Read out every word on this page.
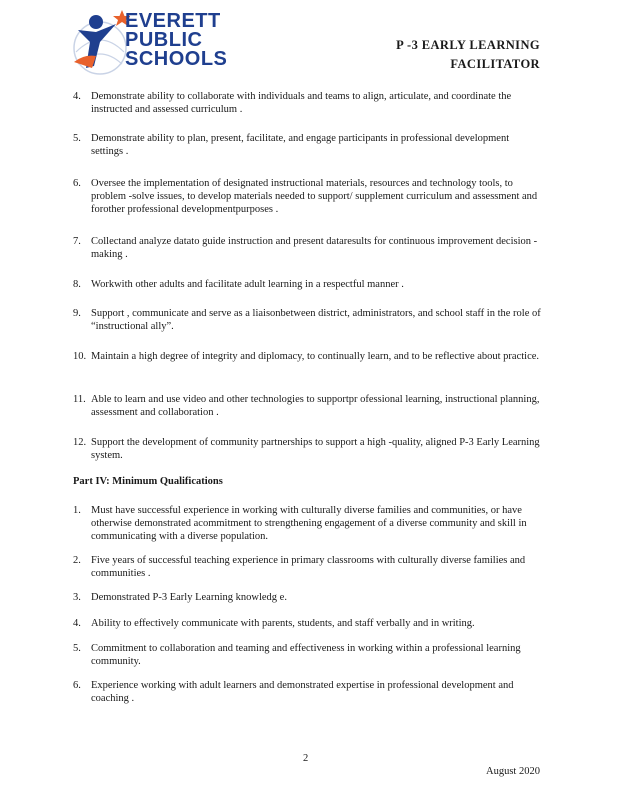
EVERETT
PUBLIC
SCHOOLS
P -3 EARLY LEARNING
FACILITATOR
4. Demonstrate ability to collaborate with individuals and teams to align, articulate, and coordinate the instructed and assessed curriculum .
5. Demonstrate ability to plan, present, facilitate, and engage participants in professional development settings .
6. Oversee the implementation of designated instructional materials, resources and technology tools, to problem -solve issues, to develop materials needed to support/ supplement curriculum and assessment and forother professional developmentpurposes .
7. Collectand analyze datato guide instruction and present dataresults for continuous improvement decision -making .
8. Workwith other adults and facilitate adult learning in a respectful manner .
9. Support , communicate and serve as a liaisonbetween district, administrators, and school staff in the role of “instructional ally”.
10. Maintain a high degree of integrity and diplomacy, to continually learn, and to be reflective about practice.
11. Able to learn and use video and other technologies to supportpr ofessional learning, instructional planning, assessment and collaboration .
12. Support the development of community partnerships to support a high -quality, aligned P-3 Early Learning system.
Part IV: Minimum Qualifications
1. Must have successful experience in working with culturally diverse families and communities, or have otherwise demonstrated acommitment to strengthening engagement of a diverse community and skill in communicating with a diverse population.
2. Five years of successful teaching experience in primary classrooms with culturally diverse families and communities .
3. Demonstrated P-3 Early Learning knowledg e.
4. Ability to effectively communicate with parents, students, and staff verbally and in writing.
5. Commitment to collaboration and teaming and effectiveness in working within a professional learning community.
6. Experience working with adult learners and demonstrated expertise in professional development and coaching .
2
August 2020
